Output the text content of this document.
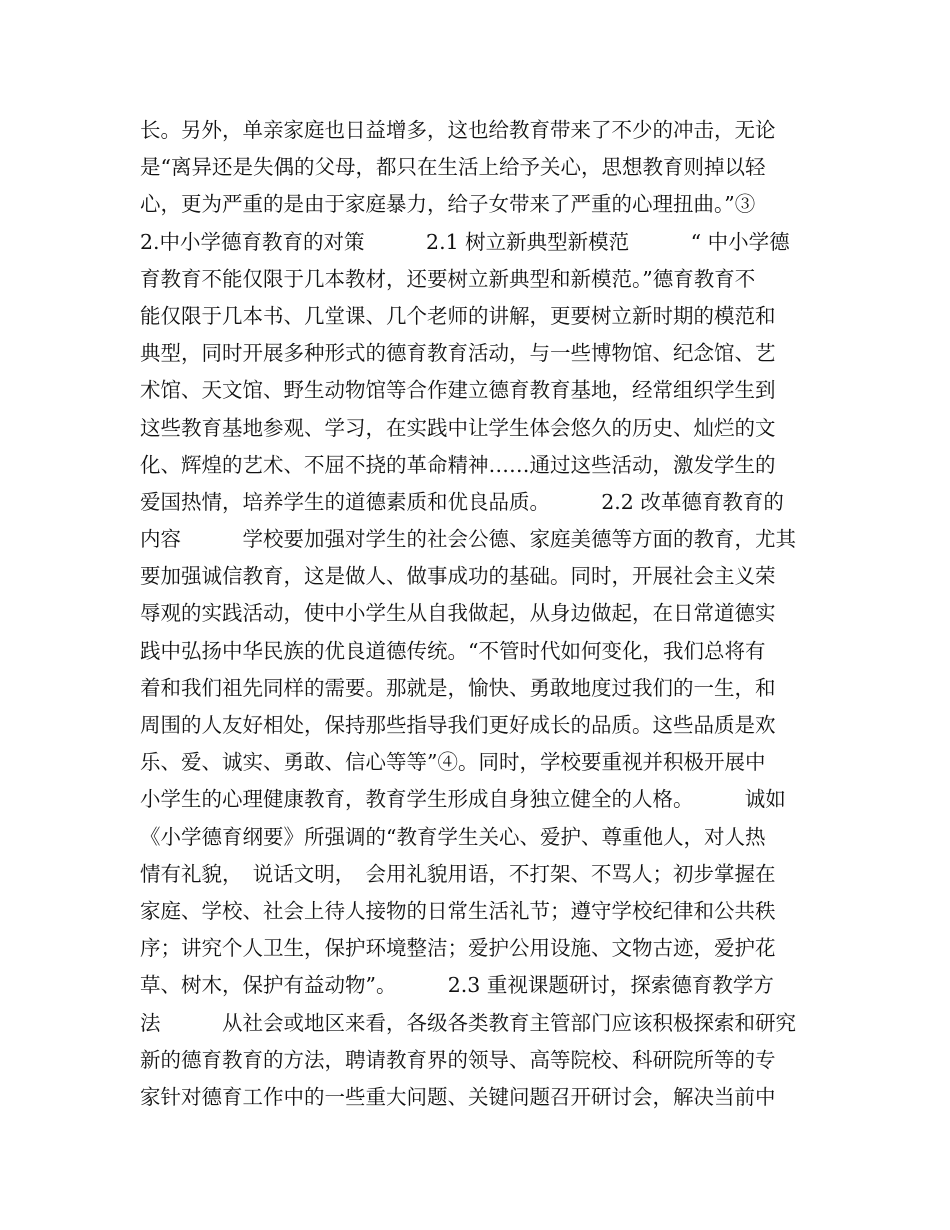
长。另外，单亲家庭也日益增多，这也给教育带来了不少的冲击，无论
是“离异还是失偶的父母，都只在生活上给予关心，思想教育则掉以轻
心，更为严重的是由于家庭暴力，给子女带来了严重的心理扭曲。”③
2.中小学德育教育的对策　　　2.1 树立新典型新模范　　　“ 中小学德
育教育不能仅限于几本教材，还要树立新典型和新模范。”德育教育不
能仅限于几本书、几堂课、几个老师的讲解，更要树立新时期的模范和
典型，同时开展多种形式的德育教育活动，与一些博物馆、纪念馆、艺
术馆、天文馆、野生动物馆等合作建立德育教育基地，经常组织学生到
这些教育基地参观、学习，在实践中让学生体会悠久的历史、灿烂的文
化、辉煌的艺术、不屈不挠的革命精神……通过这些活动，激发学生的
爱国热情，培养学生的道德素质和优良品质。　　　2.2 改革德育教育的
内容　　　学校要加强对学生的社会公德、家庭美德等方面的教育，尤其
要加强诚信教育，这是做人、做事成功的基础。同时，开展社会主义荣
辱观的实践活动，使中小学生从自我做起，从身边做起，在日常道德实
践中弘扬中华民族的优良道德传统。“不管时代如何变化，我们总将有
着和我们祖先同样的需要。那就是，愉快、勇敢地度过我们的一生，和
周围的人友好相处，保持那些指导我们更好成长的品质。这些品质是欢
乐、爱、诚实、勇敢、信心等等”④。同时，学校要重视并积极开展中
小学生的心理健康教育，教育学生形成自身独立健全的人格。　　　诚如
《小学德育纲要》所强调的“教育学生关心、爱护、尊重他人，对人热
情有礼貌，　说话文明，　会用礼貌用语，不打架、不骂人；初步掌握在
家庭、学校、社会上待人接物的日常生活礼节；遵守学校纪律和公共秩
序；讲究个人卫生，保护环境整洁；爱护公用设施、文物古迹，爱护花
草、树木，保护有益动物”。　　　2.3 重视课题研讨，探索德育教学方
法　　　从社会或地区来看，各级各类教育主管部门应该积极探索和研究
新的德育教育的方法，聘请教育界的领导、高等院校、科研院所等的专
家针对德育工作中的一些重大问题、关键问题召开研讨会，解决当前中
